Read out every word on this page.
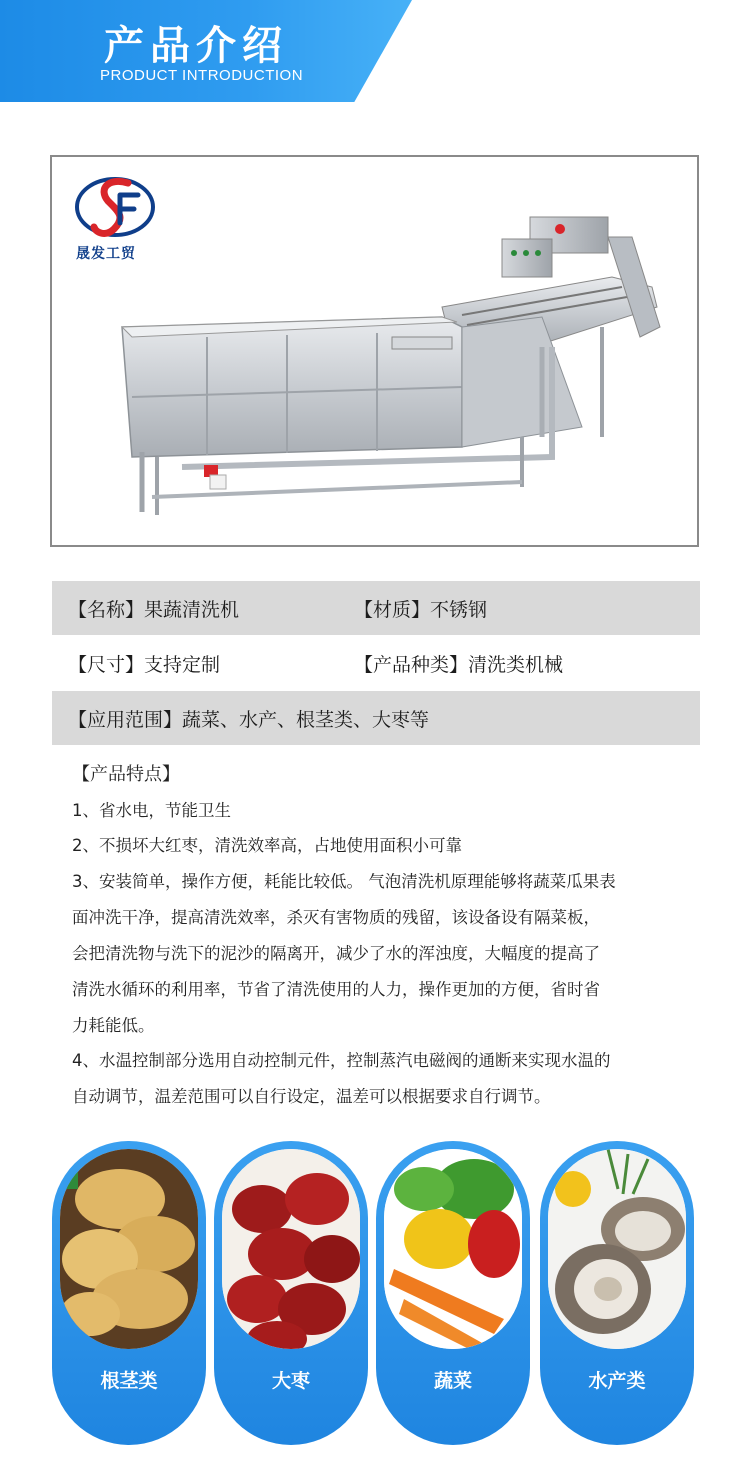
产品介绍
PRODUCT INTRODUCTION
晟发工贸
【名称】果蔬清洗机	【材质】不锈钢
【尺寸】支持定制	【产品种类】清洗类机械
【应用范围】蔬菜、水产、根茎类、大枣等
【产品特点】
1、省水电，节能卫生
2、不损坏大红枣，清洗效率高，占地使用面积小可靠
3、安装简单，操作方便，耗能比较低。 气泡清洗机原理能够将蔬菜瓜果表
面冲洗干净，提高清洗效率，杀灭有害物质的残留，该设备设有隔菜板，
会把清洗物与洗下的泥沙的隔离开，减少了水的浑浊度，大幅度的提高了
清洗水循环的利用率，节省了清洗使用的人力，操作更加的方便，省时省
力耗能低。
4、水温控制部分选用自动控制元件，控制蒸汽电磁阀的通断来实现水温的
自动调节，温差范围可以自行设定，温差可以根据要求自行调节。
根茎类	大枣	蔬菜	水产类
